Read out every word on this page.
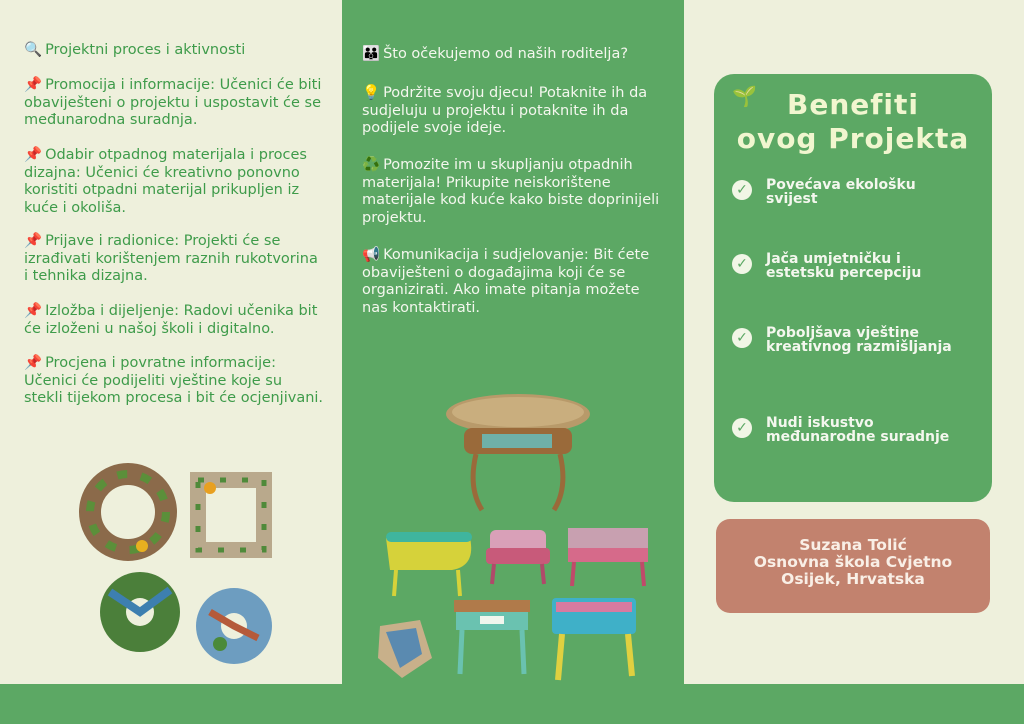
🔍 Projektni proces i aktivnosti

📌 Promocija i informacije: Učenici će biti obaviješteni o projektu i uspostavit će se međunarodna suradnja.

📌 Odabir otpadnog materijala i proces dizajna: Učenici će kreativno ponovno koristiti otpadni materijal prikupljen iz kuće i okoliša.

📌 Prijave i radionice: Projekti će se izrađivati korištenjem raznih rukotvorina i tehnika dizajna.

📌 Izložba i dijeljenje: Radovi učenika bit će izloženi u našoj školi i digitalno.

📌 Procjena i povratne informacije: Učenici će podijeliti vještine koje su stekli tijekom procesa i bit će ocjenjivani.

👪 Što očekujemo od naših roditelja?

💡 Podržite svoju djecu! Potaknite ih da sudjeluju u projektu i potaknite ih da podijele svoje ideje.

♻️ Pomozite im u skupljanju otpadnih materijala! Prikupite neiskorištene materijale kod kuće kako biste doprinijeli projektu.

📢 Komunikacija i sudjelovanje: Bit ćete obaviješteni o događajima koji će se organizirati. Ako imate pitanja možete nas kontaktirati.

🌱	Benefiti
ovog Projekta
✓ Povećava ekološku
svijest
✓ Jača umjetničku i
estetsku percepciju
✓ Poboljšava vještine
kreativnog razmišljanja
✓ Nudi iskustvo
međunarodne suradnje
Suzana Tolić
Osnovna škola Cvjetno
Osijek, Hrvatska
